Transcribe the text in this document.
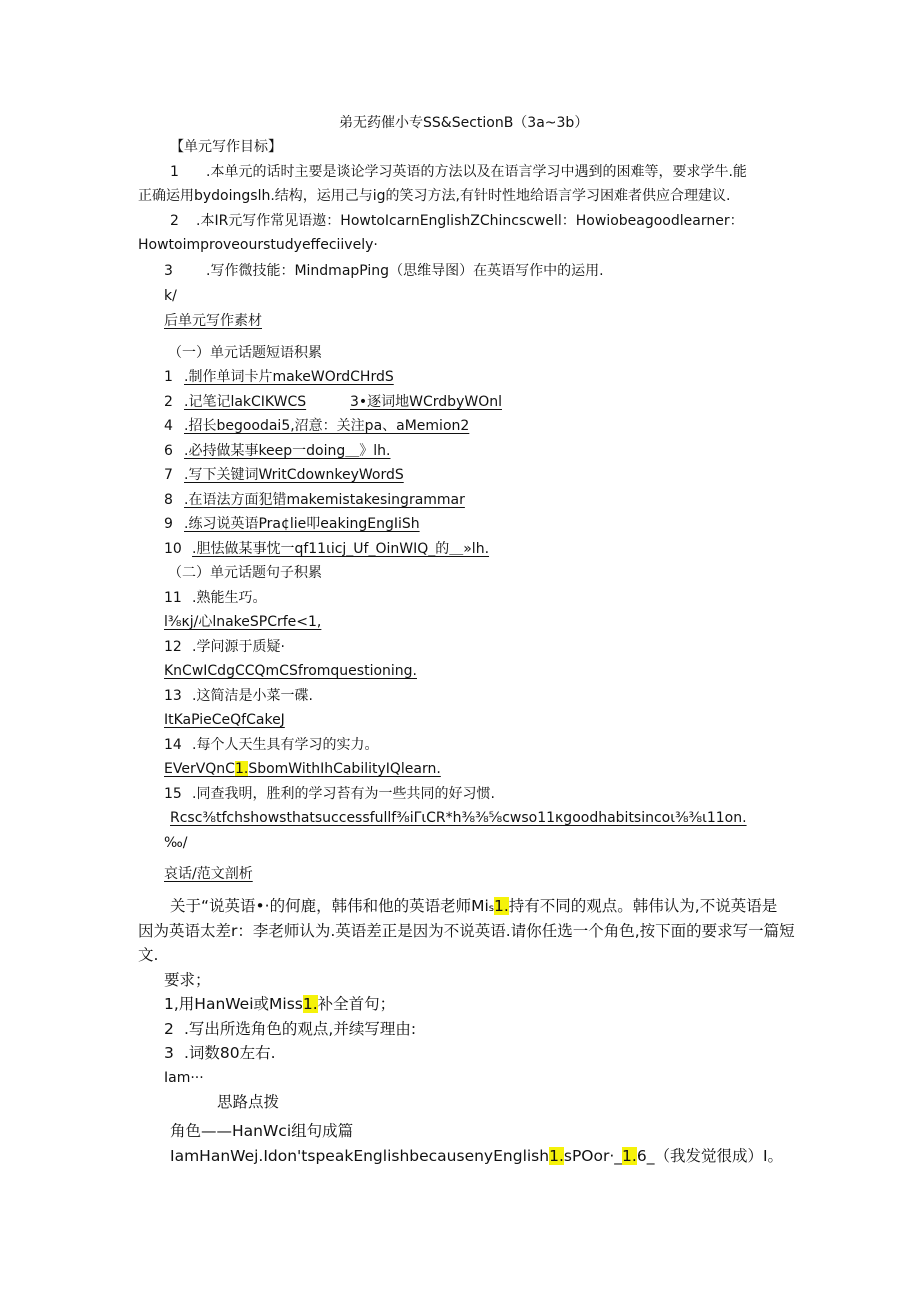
弟无药催小专SS&SectionB（3a~3b）
【单元写作目标】
1 .本单元的话时主要是谈论学习英语的方法以及在语言学习中遇到的困难等，要求学牛.能
正确运用bydoingslh.结构，运用己与ig的笑习方法,有针时性地给语言学习困难者供应合理建议.
2 .本IR元写作常见语遨：HowtoIcarnEnglishZChincscwell：Howiobeagoodlearner：
Howtoimproveourstudyeffeciively·
3 .写作微技能：MindmapPing（思维导图）在英语写作中的运用.
k/
后单元写作素材
（一）单元话题短语积累
1 .制作单词卡片makeWOrdCHrdS
2 .记笔记lakCIKWCS	3•逐词地WCrdbyWOnl
4 .招长begoodai5,沼意：关注pa、aMemion2
6 .必持做某事keep一doing＿》lh.
7 .写下关键词WritCdownkeyWordS
8 .在语法方面犯错makemistakesingrammar
9 .练习说英语Pra¢lie叩eakingEngIiSh
10 .胆怯做某事忱一qf11ιicj_Uf_OinWIQ_的＿»lh.
（二）单元话题句子积累
11 .熟能生巧。
l⅜κj/心lnakeSPCrfe<1,
12 .学问源于质疑·
KnCwICdgCCQmCSfromquestioning.
13 .这简洁是小菜一碟.
ItKaPieCeQfCakeJ
14 .每个人天生具有学习的实力。
EVerVQnC1.SbomWithIhCabilityIQlearn.
15 .同查我明，胜利的学习苔有为一些共同的好习惯.
Rcsc⅜tfchshowsthatsuccessfullf⅜iΓιCR*h⅜⅜⅝cwso11κgoodhabitsincoι⅜⅜ι11on.
‰/
哀话/范文剖析
关于“说英语•·的何鹿，韩伟和他的英语老师Mis1.持有不同的观点。韩伟认为,不说英语是
因为英语太差r：李老师认为.英语差正是因为不说英语.请你任选一个角色,按下面的要求写一篇短
文.
要求；
1,用HanWei或Miss1.补全首句；
2 .写出所选角色的观点,并续写理由:
3 .词数80左右.
Iam···
思路点拨
角色——HanWci组句成篇
IamHanWej.Idon'tspeakEnglishbecausenyEnglish1.sPOor·_1.6_（我发觉很成）I。
